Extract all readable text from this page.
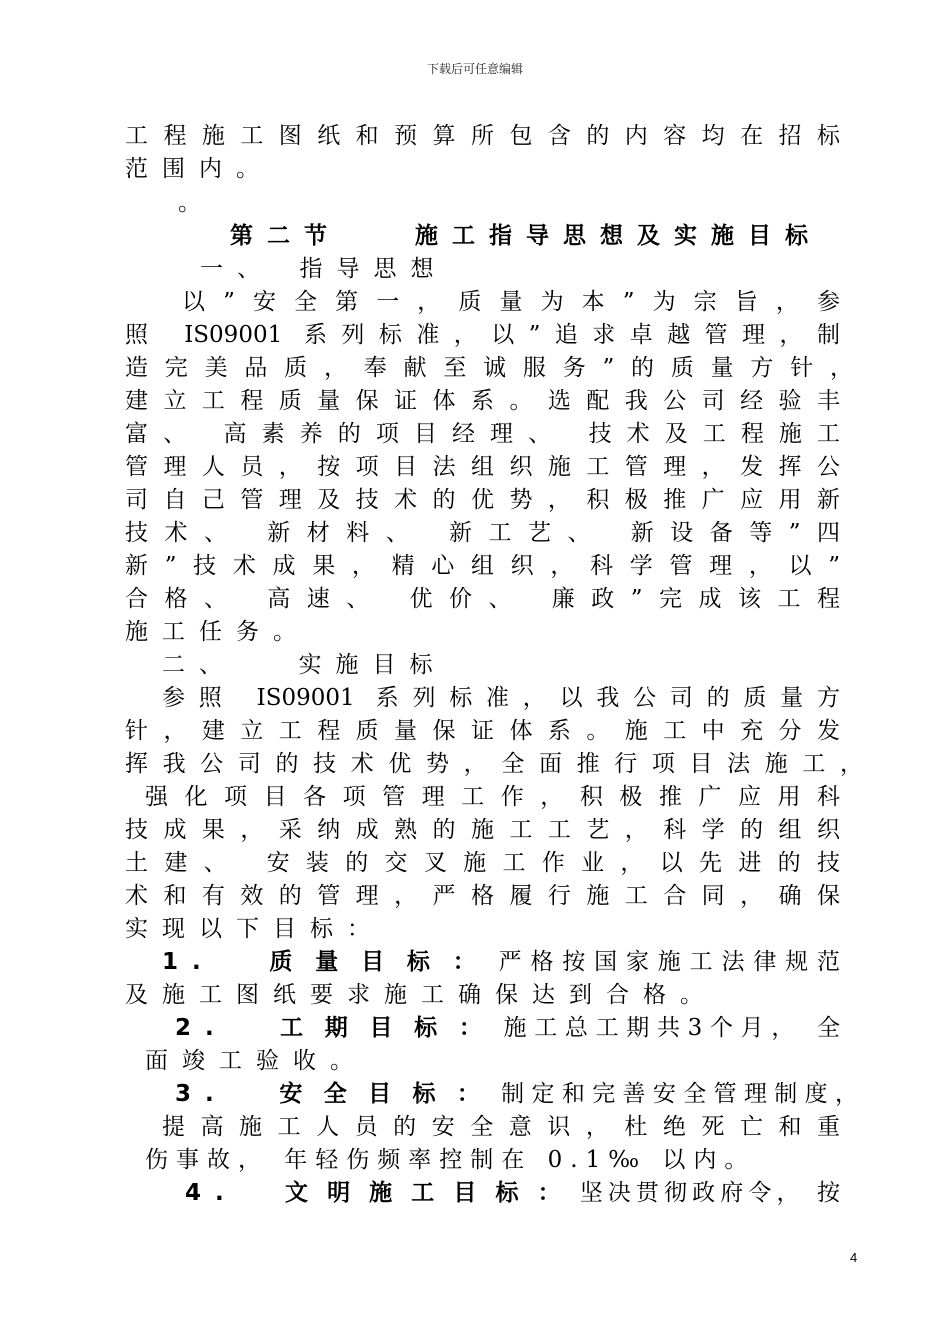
下载后可任意编辑
工程施工图纸和预算所包含的内容均在招标
范围内。
。
第二节　　施工指导思想及实施目标
一、　指导思想
以”安全第一，质量为本”为宗旨，参
照 IS09001 系列标准，以”追求卓越管理，制
造完美品质，奉献至诚服务”的质量方针，
建立工程质量保证体系。选配我公司经验丰
富、 高素养的项目经理、 技术及工程施工
管理人员，按项目法组织施工管理，发挥公
司自己管理及技术的优势，积极推广应用新
技术、 新材料、 新工艺、 新设备等”四
新”技术成果，精心组织，科学管理，以”
合格、 高速、 优价、 廉政”完成该工程
施工任务。
二、　　实施目标
参照 IS09001 系列标准，以我公司的质量方
针，建立工程质量保证体系。施工中充分发
挥我公司的技术优势，全面推行项目法施工，
强化项目各项管理工作，积极推广应用科
技成果，采纳成熟的施工工艺，科学的组织
土建、 安装的交叉施工作业，以先进的技
术和有效的管理，严格履行施工合同，确保
实现以下目标：
1.　质量目标：严格按国家施工法律规范
及施工图纸要求施工确保达到合格。
2.　工期目标：施工总工期共3个月， 全
面竣工验收。
3.　安全目标：制定和完善安全管理制度，
提高施工人员的安全意识，杜绝死亡和重
伤事故， 年轻伤频率控制在 0.1‰ 以内。
4.　文明施工目标：坚决贯彻政府令， 按
4
